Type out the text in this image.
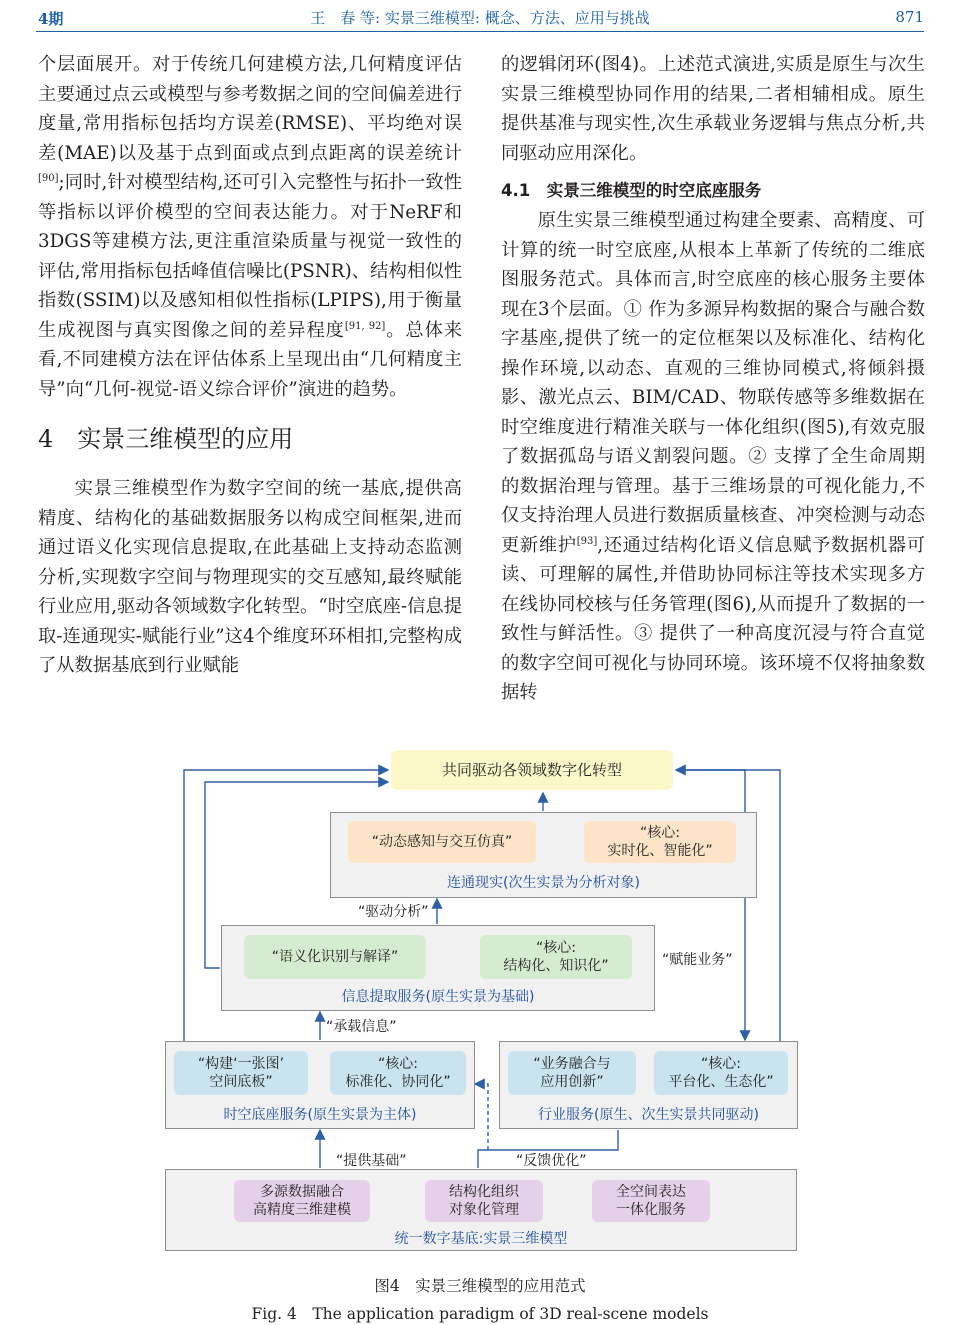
4期	王　春 等: 实景三维模型: 概念、方法、应用与挑战	871

个层面展开。对于传统几何建模方法,几何精度评估主要通过点云或模型与参考数据之间的空间偏差进行度量,常用指标包括均方误差(RMSE)、平均绝对误差(MAE)以及基于点到面或点到点距离的误差统计[90];同时,针对模型结构,还可引入完整性与拓扑一致性等指标以评价模型的空间表达能力。对于NeRF和3DGS等建模方法,更注重渲染质量与视觉一致性的评估,常用指标包括峰值信噪比(PSNR)、结构相似性指数(SSIM)以及感知相似性指标(LPIPS),用于衡量生成视图与真实图像之间的差异程度[91, 92]。总体来看,不同建模方法在评估体系上呈现出由“几何精度主导”向“几何-视觉-语义综合评价”演进的趋势。

4　实景三维模型的应用

实景三维模型作为数字空间的统一基底,提供高精度、结构化的基础数据服务以构成空间框架,进而通过语义化实现信息提取,在此基础上支持动态监测分析,实现数字空间与物理现实的交互感知,最终赋能行业应用,驱动各领域数字化转型。“时空底座-信息提取-连通现实-赋能行业”这4个维度环环相扣,完整构成了从数据基底到行业赋能

的逻辑闭环(图4)。上述范式演进,实质是原生与次生实景三维模型协同作用的结果,二者相辅相成。原生提供基准与现实性,次生承载业务逻辑与焦点分析,共同驱动应用深化。

4.1　实景三维模型的时空底座服务

原生实景三维模型通过构建全要素、高精度、可计算的统一时空底座,从根本上革新了传统的二维底图服务范式。具体而言,时空底座的核心服务主要体现在3个层面。① 作为多源异构数据的聚合与融合数字基座,提供了统一的定位框架以及标准化、结构化操作环境,以动态、直观的三维协同模式,将倾斜摄影、激光点云、BIM/CAD、物联传感等多维数据在时空维度进行精准关联与一体化组织(图5),有效克服了数据孤岛与语义割裂问题。② 支撑了全生命周期的数据治理与管理。基于三维场景的可视化能力,不仅支持治理人员进行数据质量核查、冲突检测与动态更新维护[93],还通过结构化语义信息赋予数据机器可读、可理解的属性,并借助协同标注等技术实现多方在线协同校核与任务管理(图6),从而提升了数据的一致性与鲜活性。③ 提供了一种高度沉浸与符合直觉的数字空间可视化与协同环境。该环境不仅将抽象数据转

共同驱动各领域数字化转型
“动态感知与交互仿真”
“核心:
实时化、智能化”
连通现实(次生实景为分析对象)
“驱动分析”
“语义化识别与解译”
“核心:
结构化、知识化”
信息提取服务(原生实景为基础)
“赋能业务”
“承载信息”
“构建‘一张图’
空间底板”
“核心:
标准化、协同化”
时空底座服务(原生实景为主体)
“业务融合与
应用创新”
“核心:
平台化、生态化”
行业服务(原生、次生实景共同驱动)
“提供基础”	“反馈优化”
多源数据融合
高精度三维建模
结构化组织
对象化管理
全空间表达
一体化服务
统一数字基底:实景三维模型
图4　实景三维模型的应用范式
Fig. 4　The application paradigm of 3D real-scene models
